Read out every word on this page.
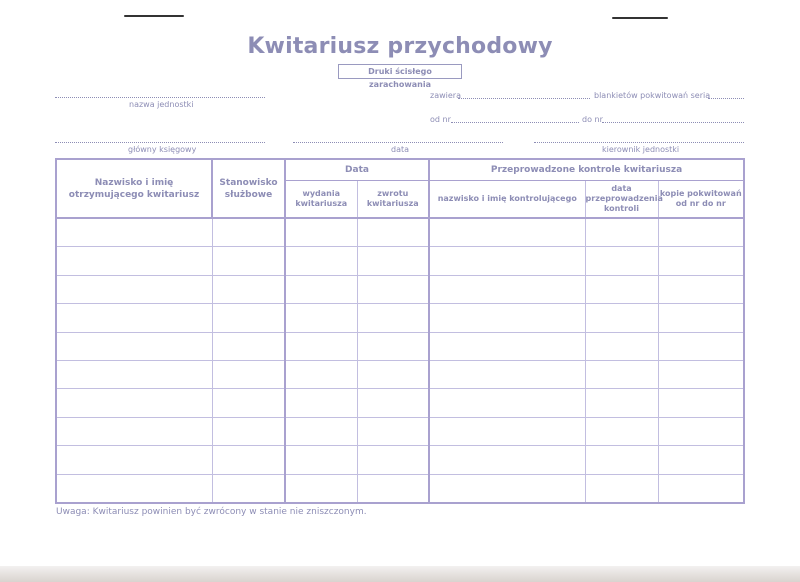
Kwitariusz przychodowy
Druki ścisłego zarachowania
nazwa jednostki
zawiera	blankietów pokwitowań seria
od nr	do nr
główny księgowy	data	kierownik jednostki
Nazwisko i imię otrzymującego kwitariusz	Stanowisko służbowe	Data		Przeprowadzone kontrole kwitariusza		
		wydania kwitariusza	zwrotu kwitariusza	nazwisko i imię kontrolującego	data przeprowadzenia kontroli	kopie pokwitowań od nr do nr

Uwaga: Kwitariusz powinien być zwrócony w stanie nie zniszczonym.
